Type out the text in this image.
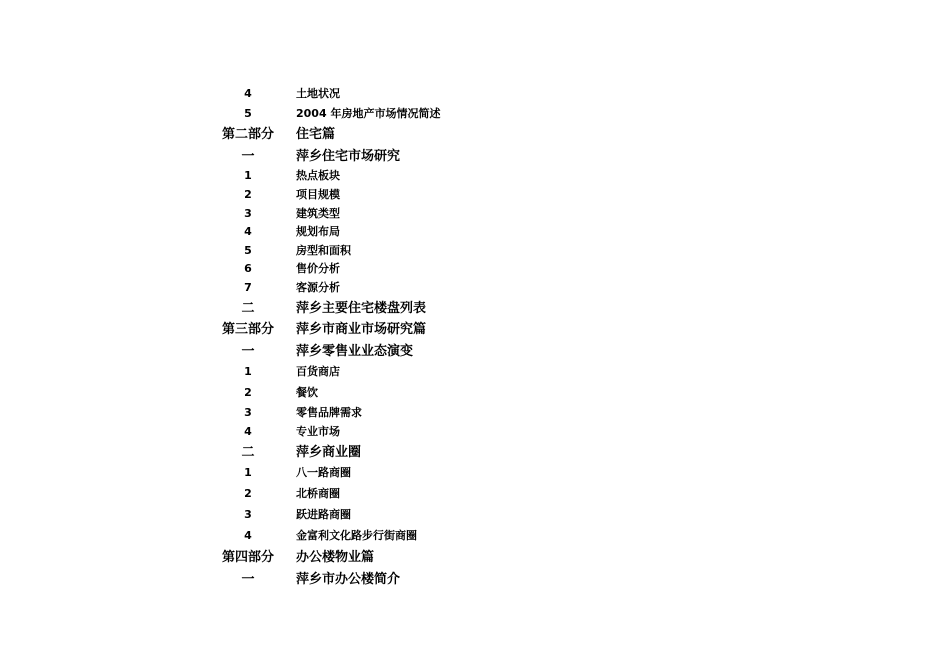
4	土地状况
5	2004 年房地产市场情况简述
第二部分 住宅篇
一	萍乡住宅市场研究
1	热点板块
2	项目规模
3	建筑类型
4	规划布局
5	房型和面积
6	售价分析
7	客源分析
二	萍乡主要住宅楼盘列表
第三部分 萍乡市商业市场研究篇
一	萍乡零售业业态演变
1	百货商店
2	餐饮
3	零售品牌需求
4	专业市场
二	萍乡商业圈
1	八一路商圈
2	北桥商圈
3	跃进路商圈
4	金富利文化路步行街商圈
第四部分 办公楼物业篇
一	萍乡市办公楼简介
